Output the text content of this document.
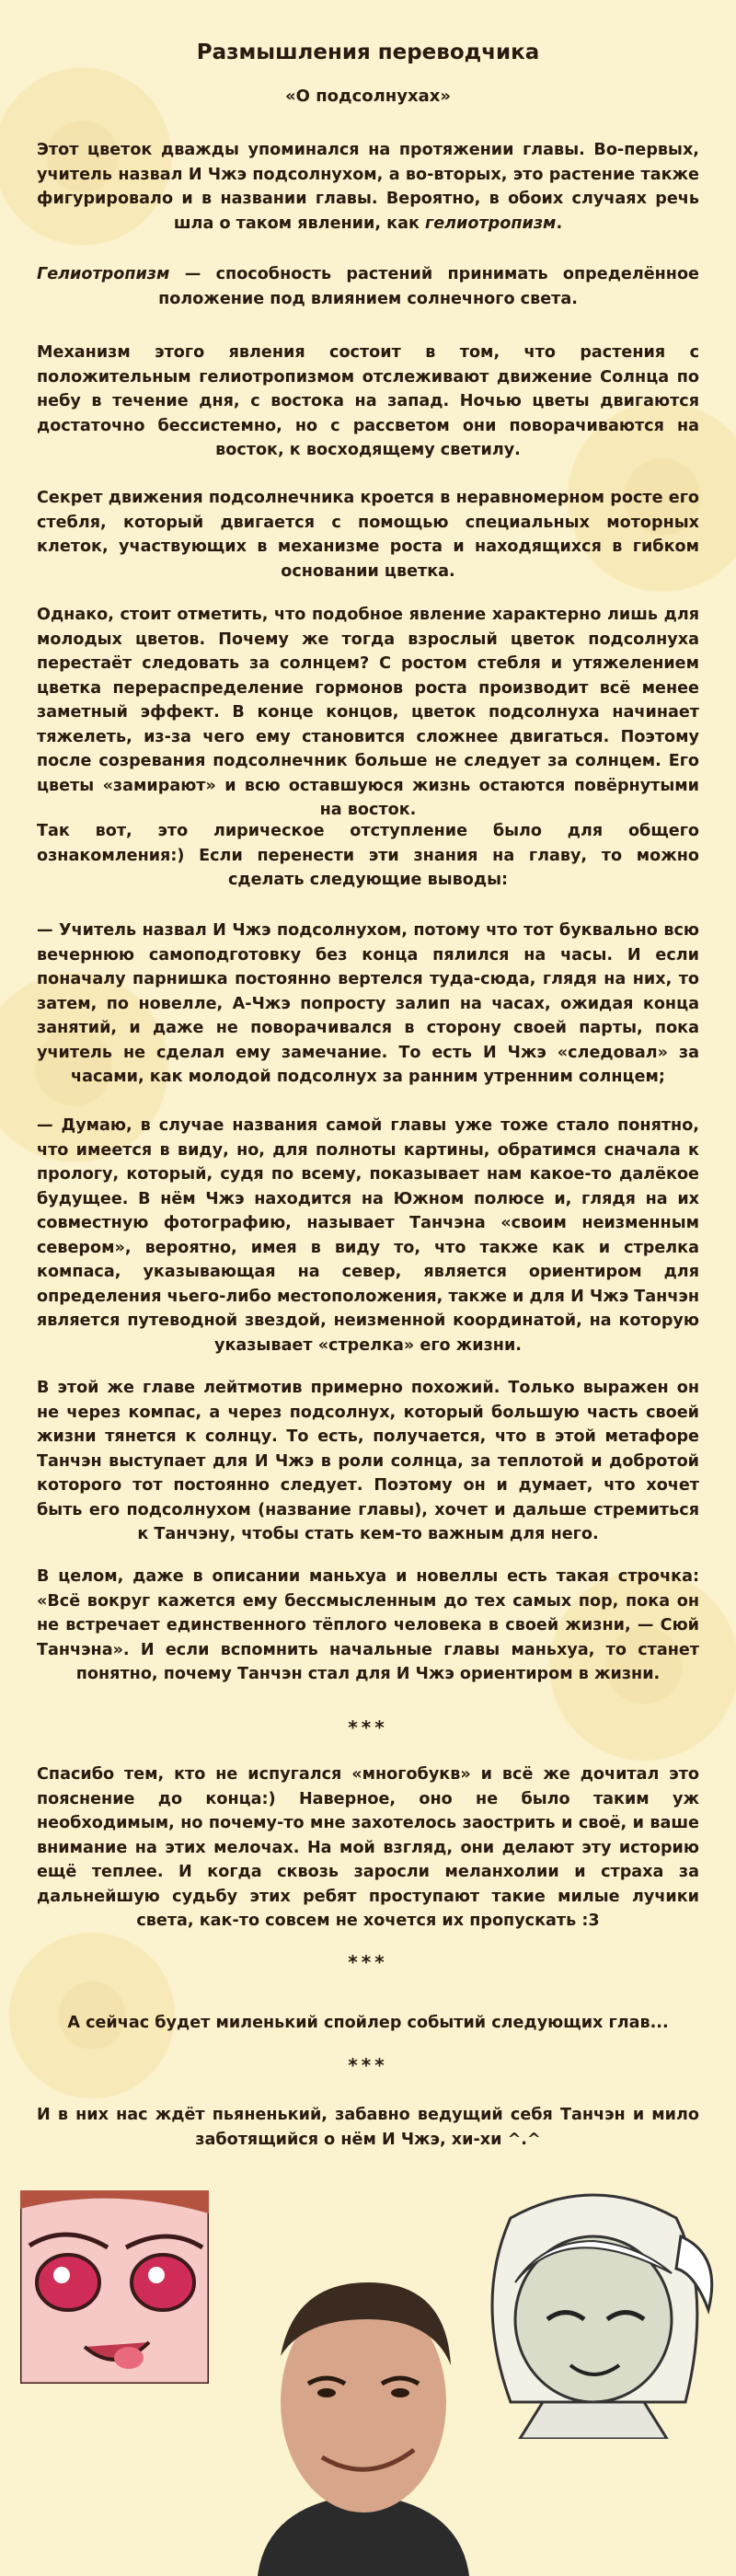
Размышления переводчика
«О подсолнухах»
Этот цветок дважды упоминался на протяжении главы. Во-первых, учитель назвал И Чжэ подсолнухом, а во-вторых, это растение также фигурировало и в названии главы. Вероятно, в обоих случаях речь шла о таком явлении, как гелиотропизм.
Гелиотропизм — способность растений принимать определённое положение под влиянием солнечного света.
Механизм этого явления состоит в том, что растения с положительным гелиотропизмом отслеживают движение Солнца по небу в течение дня, с востока на запад. Ночью цветы двигаются достаточно бессистемно, но с рассветом они поворачиваются на восток, к восходящему светилу.
Секрет движения подсолнечника кроется в неравномерном росте его стебля, который двигается с помощью специальных моторных клеток, участвующих в механизме роста и находящихся в гибком основании цветка.
Однако, стоит отметить, что подобное явление характерно лишь для молодых цветов. Почему же тогда взрослый цветок подсолнуха перестаёт следовать за солнцем? С ростом стебля и утяжелением цветка перераспределение гормонов роста производит всё менее заметный эффект. В конце концов, цветок подсолнуха начинает тяжелеть, из-за чего ему становится сложнее двигаться. Поэтому после созревания подсолнечник больше не следует за солнцем. Его цветы «замирают» и всю оставшуюся жизнь остаются повёрнутыми на восток.
Так вот, это лирическое отступление было для общего ознакомления:) Если перенести эти знания на главу, то можно сделать следующие выводы:
— Учитель назвал И Чжэ подсолнухом, потому что тот буквально всю вечернюю самоподготовку без конца пялился на часы. И если поначалу парнишка постоянно вертелся туда-сюда, глядя на них, то затем, по новелле, А-Чжэ попросту залип на часах, ожидая конца занятий, и даже не поворачивался в сторону своей парты, пока учитель не сделал ему замечание. То есть И Чжэ «следовал» за часами, как молодой подсолнух за ранним утренним солнцем;
— Думаю, в случае названия самой главы уже тоже стало понятно, что имеется в виду, но, для полноты картины, обратимся сначала к прологу, который, судя по всему, показывает нам какое-то далёкое будущее. В нём Чжэ находится на Южном полюсе и, глядя на их совместную фотографию, называет Танчэна «своим неизменным севером», вероятно, имея в виду то, что также как и стрелка компаса, указывающая на север, является ориентиром для определения чьего-либо местоположения, также и для И Чжэ Танчэн является путеводной звездой, неизменной координатой, на которую указывает «стрелка» его жизни.
В этой же главе лейтмотив примерно похожий. Только выражен он не через компас, а через подсолнух, который большую часть своей жизни тянется к солнцу. То есть, получается, что в этой метафоре Танчэн выступает для И Чжэ в роли солнца, за теплотой и добротой которого тот постоянно следует. Поэтому он и думает, что хочет быть его подсолнухом (название главы), хочет и дальше стремиться к Танчэну, чтобы стать кем-то важным для него.
В целом, даже в описании маньхуа и новеллы есть такая строчка: «Всё вокруг кажется ему бессмысленным до тех самых пор, пока он не встречает единственного тёплого человека в своей жизни, — Сюй Танчэна». И если вспомнить начальные главы маньхуа, то станет понятно, почему Танчэн стал для И Чжэ ориентиром в жизни.
***
Спасибо тем, кто не испугался «многобукв» и всё же дочитал это пояснение до конца:) Наверное, оно не было таким уж необходимым, но почему-то мне захотелось заострить и своё, и ваше внимание на этих мелочах. На мой взгляд, они делают эту историю ещё теплее. И когда сквозь заросли меланхолии и страха за дальнейшую судьбу этих ребят проступают такие милые лучики света, как-то совсем не хочется их пропускать :3
***
А сейчас будет миленький спойлер событий следующих глав...
***
И в них нас ждёт пьяненький, забавно ведущий себя Танчэн и мило заботящийся о нём И Чжэ, хи-хи ^.^
